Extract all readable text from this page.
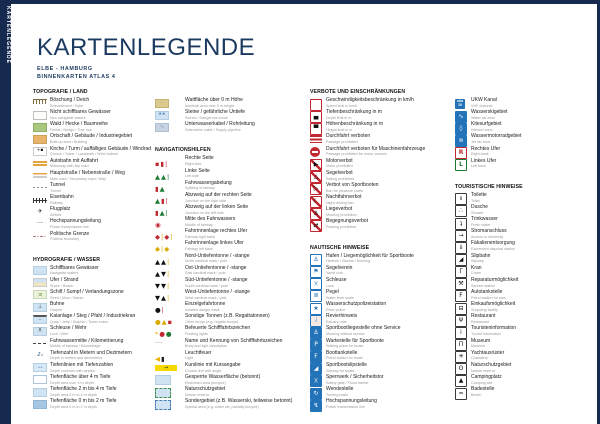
KARTENLEGENDE KARTENLEGENDE
ELBE - HAMBURG
BINNENKARTEN ATLAS 4
TOPOGRAFIE / LAND
Böschung / Deich
Embankment / Dyke
Nicht schiffbares Gewässer
Non navigable waters
Wald / Hecke / Baumreihe
Forest / Hedge / Tree row
Ortschaft / Gebäude / Industriegebiet
Built-up area / Building
+▪	Kirche / Turm / auffälliges Gebäude / Windrad
Church / Tower / Landmark / Wind turbine
Autobahn mit Auffahrt
Motorway with slip road
Hauptstraße / Nebenstraße / Weg
Main road / Secondary road / Way
Tunnel
Tunnel
Eisenbahn
Railway
✈	Flugplatz
Airfield
·—·	Hochspannungsleitung
Power transmission line
Politische Grenze
Political boundary
HYDROGRAFIE / WASSER
Schiffbares Gewässer
Navigable waters
Ufer / Strand
Shore / Beach
ʬʬ	Schilf / Sumpf / Verlandungszone
Reed / Moor / Marsh
⊥	Buhne
Groyne
··	Kaianlage / Steg / Pfahl / Industriekran
Quay / Jetty / Dolphin / Tower crane
)(	Schleuse / Wehr
Lock / Weir
Fahrwassermitte / Kilometrierung
Middle of fairway / Kilometrage
2₄	Tiefenzahl in Metern und Dezimetern
Depth in metres and decimetres
⌣⌣	Tiefenlinien mit Tiefenzahlen
Depth contours with depths
Tiefenfläche über 4 m Tiefe
Depth area over 4 m depth
Tiefenfläche 2 m bis 4 m Tiefe
Depth area 2 m to 4 m depth
Tiefenfläche 0 m bis 2 m Tiefe
Depth area 0 m to 2 m depth
⋯	Wattfläche über 0 m Höhe
Intertidal area over 0 m height
∗∗	Steine / gefährliche Untiefe
Stones / Dangerous shoal
∿	Unterwasserkabel / Rohrleitung
Submarine cable / Supply pipeline
NAVIGATIONSHILFEN
▪ ▮ |
Rechte Seite
Right side
▲ ▲ |
Linke Seite
Left side
▮ ▲
Fahrwassergabelung
Splitting of fairway
▲ ▮ |
Abzweig auf der rechten Seite
Junction on the right side
▮ ▲ |
Abzweig auf der linken Seite
Junction on the left side
◉
Mitte des Fahrwassers
Middle of fairway
◆ | ◆ |
Fahrrinnenlage rechtes Ufer
Fairway right bank
◆ | ◆
Fahrrinnenlage linkes Ufer
Fairway left bank
▲ ▲ |
Nord-Untiefentonne / -stange
North cardinal mark / pole
▲ ▼ |
Ost-Untiefentonne / -stange
East cardinal mark / pole
▼ ▼ |
Süd-Untiefentonne / -stange
South cardinal mark / pole
▼ ▲ |
West-Untiefentonne / -stange
West cardinal mark / pole
● |
Einzelgefahrtonne
Isolated danger mark
● ▲ ▪
Sonstige Tonnen (z.B. Regattatonnen)
Other buoys (e.g. regatta buoys)
* ● ●
Befeuerte Schifffahrtszeichen
Floating lights
·····
Name und Kennung von Schifffahrtszeichen
Buoy and light description
◀ ▮
Leuchtfeuer
Light
→	Kurslinie mit Kursangabe
Course line with angle
Gesperrte Wasserfläche (betonnt)
Restricted area (buoyed)
Naturschutzgebiet
Nature reserve
Sondergebiet (z.B. Wasserski, teilweise betonnt)
Special area (e.g. water ski, partially buoyed)
VERBOTE UND EINSCHRÄNKUNGEN
Geschwindigkeitsbeschränkung in km/h
Speed limit in km/h
▄
Tiefenbeschränkung in m
Depth limit in m
▀
Höhenbeschränkung in m
Height limit in m
Durchfahrt verboten
Passage prohibited
Durchfahrt verboten für Maschinenfahrzeuge
Passage prohibited for motor vessels
▶
Motorverbot
Motor prohibited
△
Segelverbot
Sailing prohibited
▷
Verbot von Sportbooten
Ban for pleasure crafts
☾
Nachtfahrverbot
Night driving ban
⚓
Liegeverbot
Mooring prohibited
⇄
Begegnungsverbot
Passing prohibited
NAUTISCHE HINWEISE
⚓
Hafen / Liegemöglichkeit für Sportboote
Harbour / Marina / Mooring
⚑
Segelverein
Yacht club
)(
Schleuse
Lock
≣
Pegel
Water level scale
★
Wasserschutzpolizeistation
River police
i
Revierhinweis
Estuary note
⚓
Sportbootliegestelle ohne Service
Mooring without service
P
Wartestelle für Sportboote
Waiting place for boats
F
Boottankstelle
Petrol station for boats
◢
Sportbootslipstelle
Slipway for boats
)(
Sperrwerk / Sicherheitstor
Safety gate / Flood barrier
↻
Wendestelle
Turning basin
↯
Hochspannungsleitung
Power transmission line
ukw
20
UKW Kanal
VHF channel
∿
Wasserskigebiet
Water ski zone
◊
Kitesurfgebiet
Kitesurf zone
≋
Wassermotorradgebiet
Jet ski zone
R
Rechtes Ufer
Right bank
L
Linkes Ufer
Left bank
TOURISTISCHE HINWEISE
ii
Toilette
Toilet
∴
Dusche
Shower
ʇ
Trinkwasser
Fresh water
→
Stromanschluss
Access to electricity
⇓
Fäkalienentsorgung
Excrement disposal station
◢
Slipbahn
Slipway
Γ
Kran
Crane
⚒
Reparaturmöglichkeit
Service station
F
Autotankstelle
Petrol station for cars
⊟
Einkaufsmöglichkeit
Shopping facility
Ψ
Restaurant
Restaurant
i
Touristeninformation
Tourist information
Π
Museum
Museum
✳
Yachtausrüster
Chandlery
ʘ
Naturschutzgebiet
Nature reserve
▲
Campingplatz
Camping site
≈
Badestelle
Beach
